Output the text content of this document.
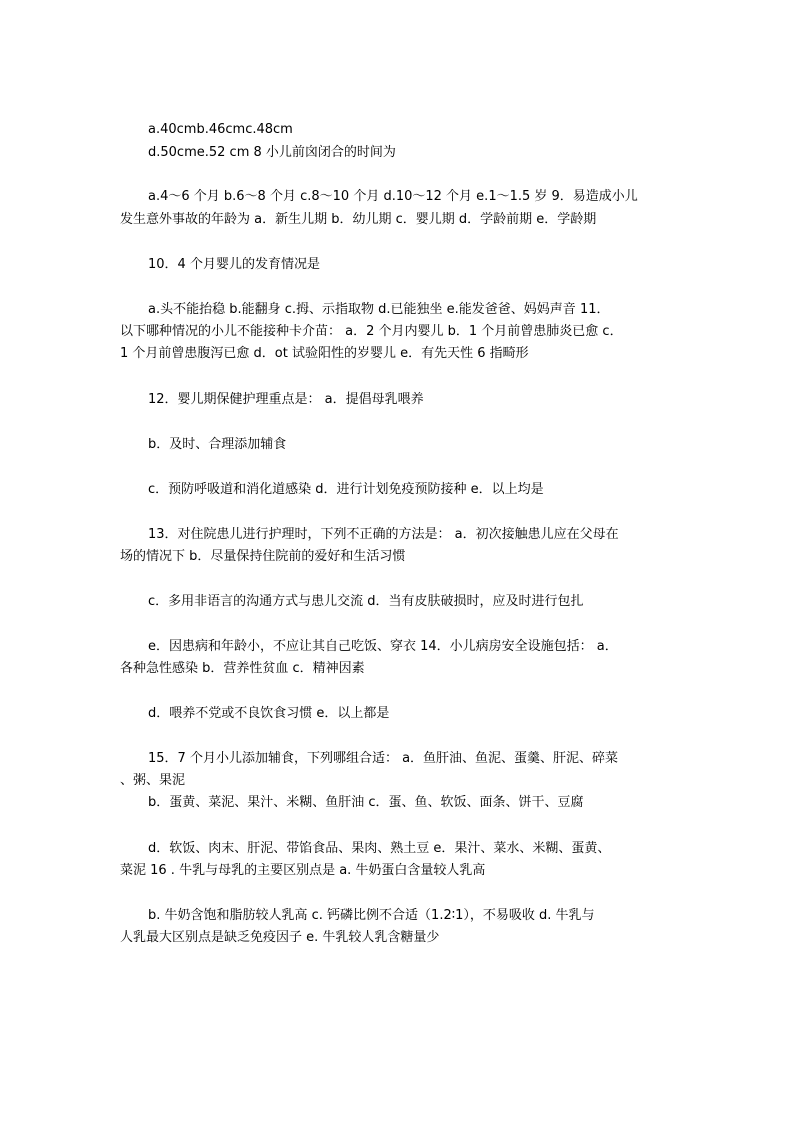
a.40cmb.46cmc.48cm
d.50cme.52 cm 8 小儿前囟闭合的时间为
a.4～6 个月 b.6～8 个月 c.8～10 个月 d.10～12 个月 e.1～1.5 岁 9．易造成小儿
发生意外事故的年龄为 a．新生儿期 b．幼儿期 c．婴儿期 d．学龄前期 e．学龄期
10．4 个月婴儿的发育情况是
a.头不能抬稳 b.能翻身 c.拇、示指取物 d.已能独坐 e.能发爸爸、妈妈声音 11．
以下哪种情况的小儿不能接种卡介苗： a．2 个月内婴儿 b．1 个月前曾患肺炎已愈 c．
1 个月前曾患腹泻已愈 d．ot 试验阳性的岁婴儿 e．有先天性 6 指畸形
12．婴儿期保健护理重点是： a．提倡母乳喂养
b．及时、合理添加辅食
c．预防呼吸道和消化道感染 d．进行计划免疫预防接种 e．以上均是
13．对住院患儿进行护理时，下列不正确的方法是： a．初次接触患儿应在父母在
场的情况下 b．尽量保持住院前的爱好和生活习惯
c．多用非语言的沟通方式与患儿交流 d．当有皮肤破损时，应及时进行包扎
e．因患病和年龄小，不应让其自己吃饭、穿衣 14．小儿病房安全设施包括： a．
各种急性感染 b．营养性贫血 c．精神因素
d．喂养不党或不良饮食习惯 e．以上都是
15．7 个月小儿添加辅食，下列哪组合适： a．鱼肝油、鱼泥、蛋羹、肝泥、碎菜
、粥、果泥
b．蛋黄、菜泥、果汁、米糊、鱼肝油 c．蛋、鱼、软饭、面条、饼干、豆腐
d．软饭、肉末、肝泥、带馅食品、果肉、熟土豆 e．果汁、菜水、米糊、蛋黄、
菜泥 16 . 牛乳与母乳的主要区别点是 a. 牛奶蛋白含量较人乳高
b. 牛奶含饱和脂肪较人乳高 c. 钙磷比例不合适（1.2∶1），不易吸收 d. 牛乳与
人乳最大区别点是缺乏免疫因子 e. 牛乳较人乳含糖量少
